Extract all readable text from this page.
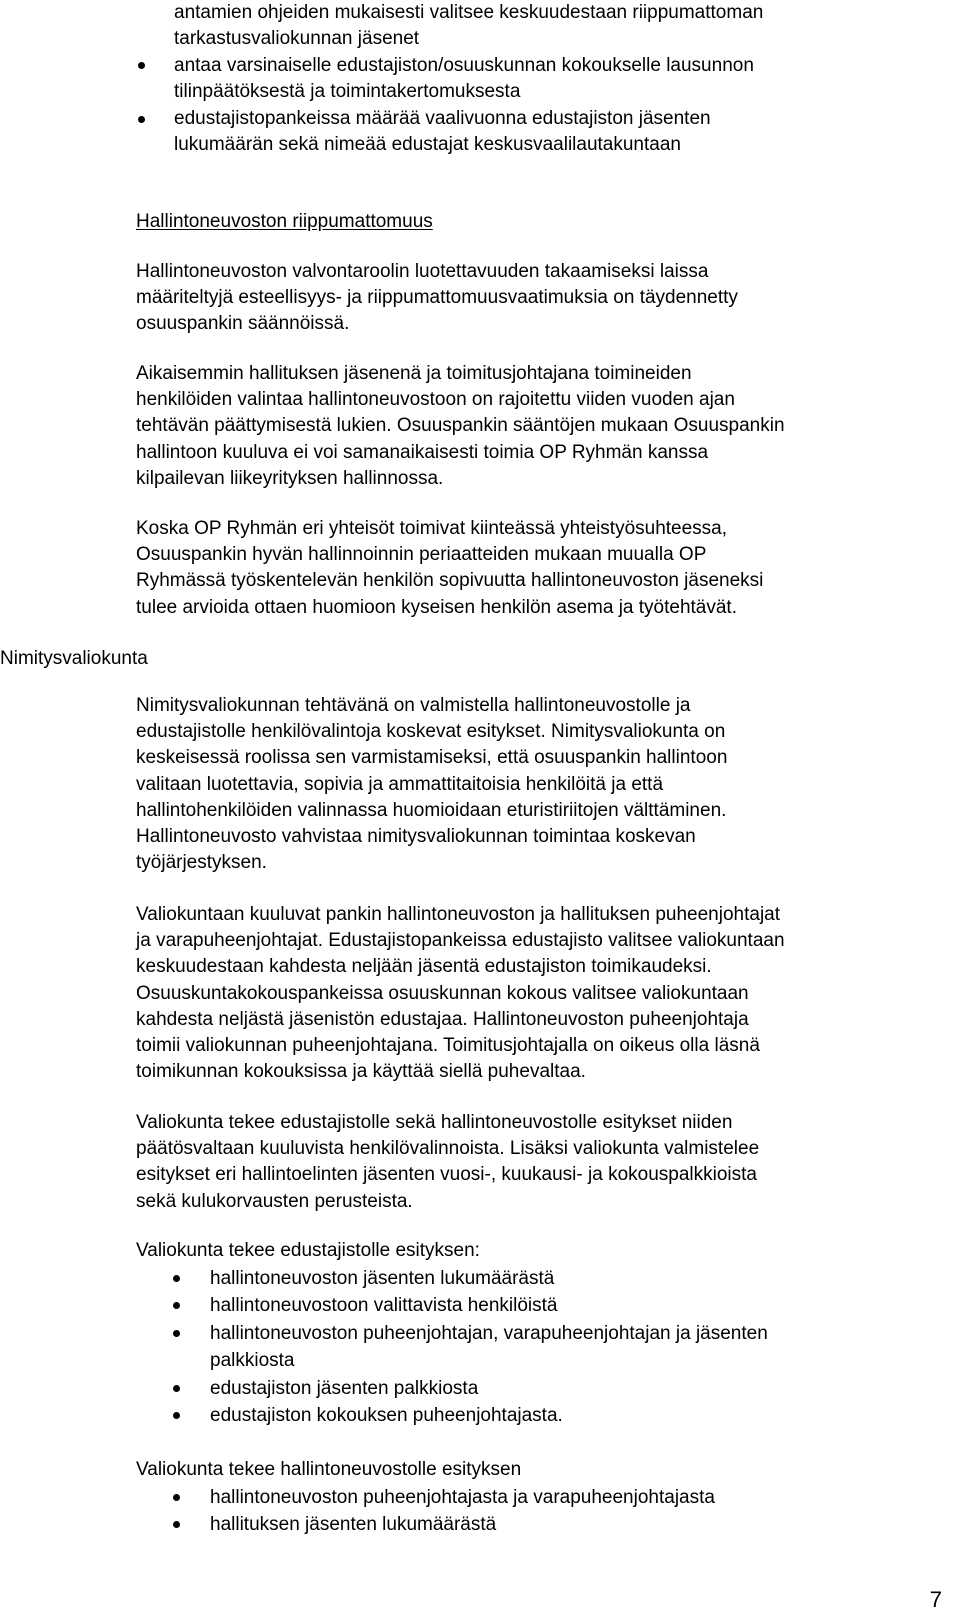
antamien ohjeiden mukaisesti valitsee keskuudestaan riippumattoman
tarkastusvaliokunnan jäsenet
antaa varsinaiselle edustajiston/osuuskunnan kokoukselle lausunnon
tilinpäätöksestä ja toimintakertomuksesta
edustajistopankeissa määrää vaalivuonna edustajiston jäsenten
lukumäärän sekä nimeää edustajat keskusvaalilautakuntaan
Hallintoneuvoston riippumattomuus
Hallintoneuvoston valvontaroolin luotettavuuden takaamiseksi laissa
määriteltyjä esteellisyys- ja riippumattomuusvaatimuksia on täydennetty
osuuspankin säännöissä.
Aikaisemmin hallituksen jäsenenä ja toimitusjohtajana toimineiden
henkilöiden valintaa hallintoneuvostoon on rajoitettu viiden vuoden ajan
tehtävän päättymisestä lukien. Osuuspankin sääntöjen mukaan Osuuspankin
hallintoon kuuluva ei voi samanaikaisesti toimia OP Ryhmän kanssa
kilpailevan liikeyrityksen hallinnossa.
Koska OP Ryhmän eri yhteisöt toimivat kiinteässä yhteistyösuhteessa,
Osuuspankin hyvän hallinnoinnin periaatteiden mukaan muualla OP
Ryhmässä työskentelevän henkilön sopivuutta hallintoneuvoston jäseneksi
tulee arvioida ottaen huomioon kyseisen henkilön asema ja työtehtävät.
Nimitysvaliokunta
Nimitysvaliokunnan tehtävänä on valmistella hallintoneuvostolle ja
edustajistolle henkilövalintoja koskevat esitykset. Nimitysvaliokunta on
keskeisessä roolissa sen varmistamiseksi, että osuuspankin hallintoon
valitaan luotettavia, sopivia ja ammattitaitoisia henkilöitä ja että
hallintohenkilöiden valinnassa huomioidaan eturistiriitojen välttäminen.
Hallintoneuvosto vahvistaa nimitysvaliokunnan toimintaa koskevan
työjärjestyksen.
Valiokuntaan kuuluvat pankin hallintoneuvoston ja hallituksen puheenjohtajat
ja varapuheenjohtajat. Edustajistopankeissa edustajisto valitsee valiokuntaan
keskuudestaan kahdesta neljään jäsentä edustajiston toimikaudeksi.
Osuuskuntakokouspankeissa osuuskunnan kokous valitsee valiokuntaan
kahdesta neljästä jäsenistön edustajaa. Hallintoneuvoston puheenjohtaja
toimii valiokunnan puheenjohtajana. Toimitusjohtajalla on oikeus olla läsnä
toimikunnan kokouksissa ja käyttää siellä puhevaltaa.
Valiokunta tekee edustajistolle sekä hallintoneuvostolle esitykset niiden
päätösvaltaan kuuluvista henkilövalinnoista. Lisäksi valiokunta valmistelee
esitykset eri hallintoelinten jäsenten vuosi-, kuukausi- ja kokouspalkkioista
sekä kulukorvausten perusteista.
Valiokunta tekee edustajistolle esityksen:
hallintoneuvoston jäsenten lukumäärästä
hallintoneuvostoon valittavista henkilöistä
hallintoneuvoston puheenjohtajan, varapuheenjohtajan ja jäsenten
palkkiosta
edustajiston jäsenten palkkiosta
edustajiston kokouksen puheenjohtajasta.
Valiokunta tekee hallintoneuvostolle esityksen
hallintoneuvoston puheenjohtajasta ja varapuheenjohtajasta
hallituksen jäsenten lukumäärästä
7
